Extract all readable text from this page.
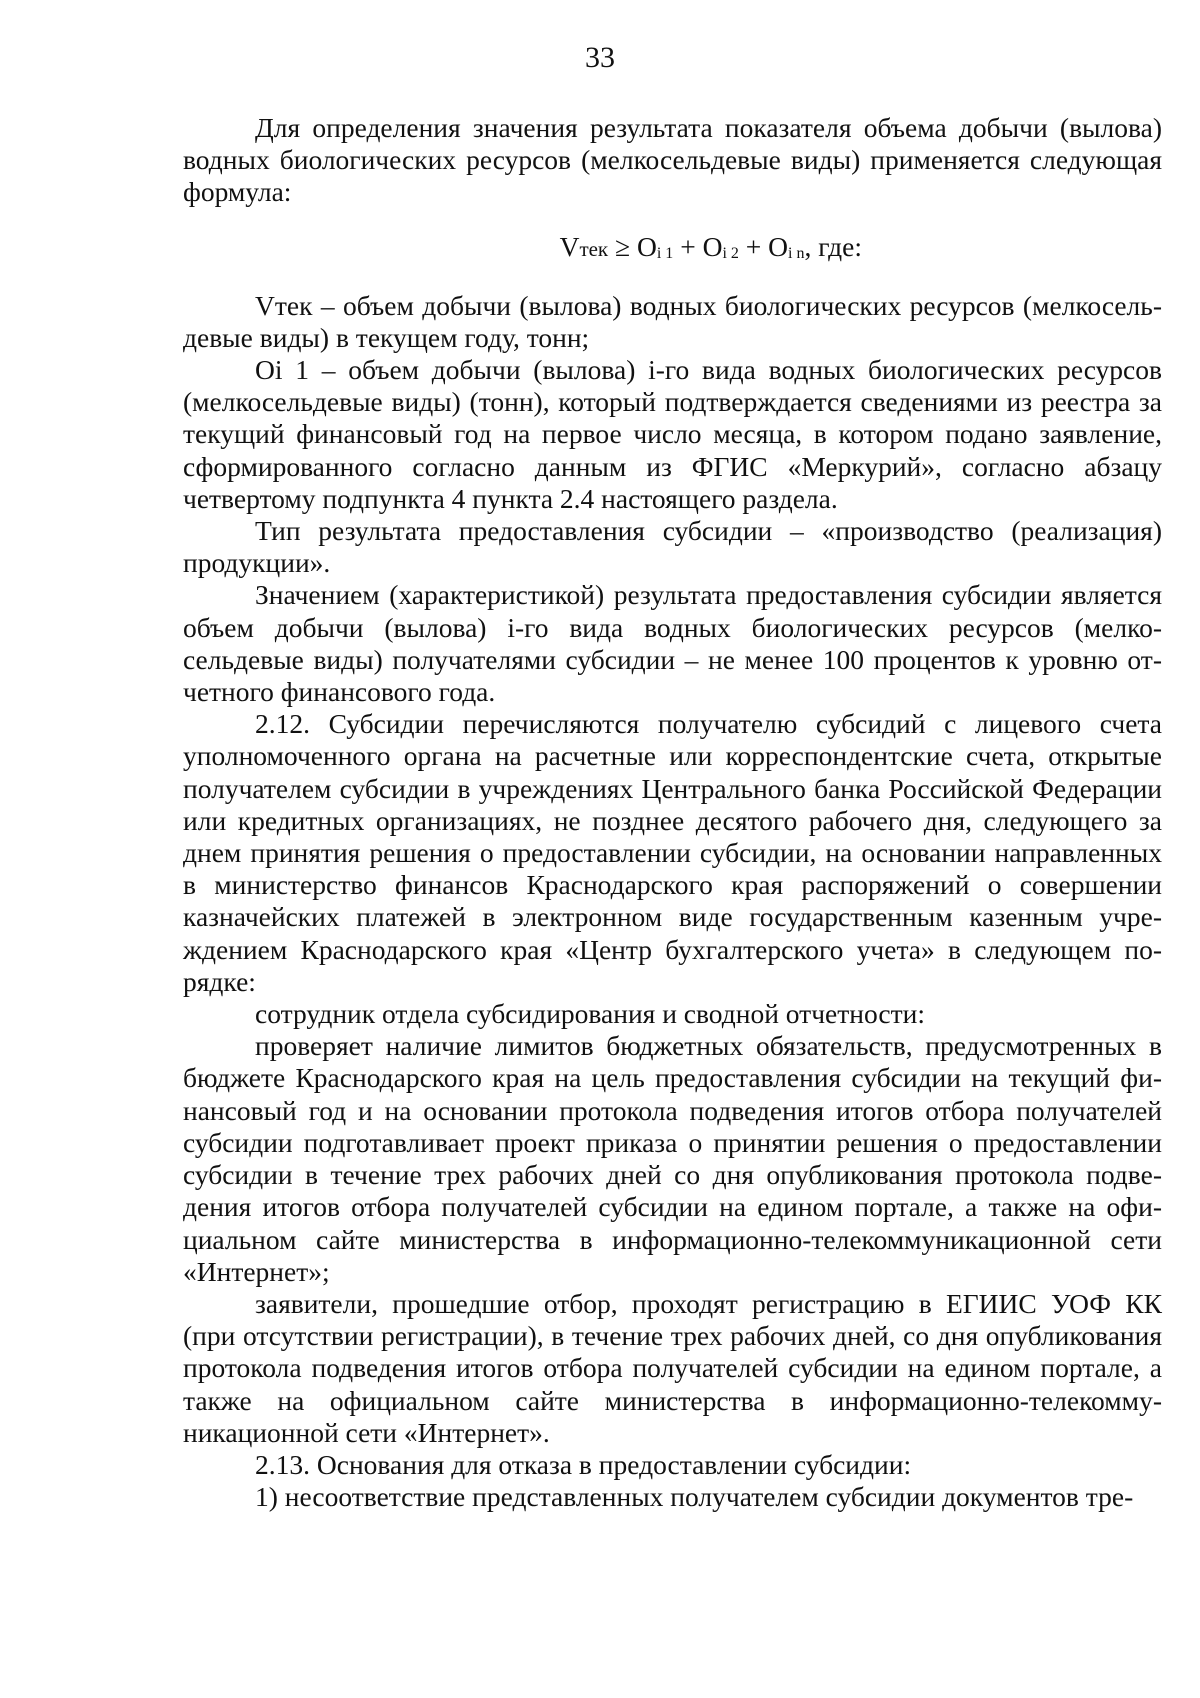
33

Для определения значения результата показателя объема добычи (вылова) водных биологических ресурсов (мелкосельдевые виды) применяется следующая формула:

Vтек ≥ $O_{i 1} + O_{i 2} + O_{i n}$, где:

Vтек – объем добычи (вылова) водных биологических ресурсов (мелкосельдевые виды) в текущем году, тонн;

Oi 1 – объем добычи (вылова) i-го вида водных биологических ресурсов (мелкосельдевые виды) (тонн), который подтверждается сведениями из реестра за текущий финансовый год на первое число месяца, в котором подано заявление, сформированного согласно данным из ФГИС «Меркурий», согласно абзацу четвертому подпункта 4 пункта 2.4 настоящего раздела.

Тип результата предоставления субсидии – «производство (реализация) продукции».

Значением (характеристикой) результата предоставления субсидии является объем добычи (вылова) i-го вида водных биологических ресурсов (мелкосельдевые виды) получателями субсидии – не менее 100 процентов к уровню отчетного финансового года.

2.12. Субсидии перечисляются получателю субсидий с лицевого счета уполномоченного органа на расчетные или корреспондентские счета, открытые получателем субсидии в учреждениях Центрального банка Российской Федерации или кредитных организациях, не позднее десятого рабочего дня, следующего за днем принятия решения о предоставлении субсидии, на основании направленных в министерство финансов Краснодарского края распоряжений о совершении казначейских платежей в электронном виде государственным казенным учреждением Краснодарского края «Центр бухгалтерского учета» в следующем порядке:

сотрудник отдела субсидирования и сводной отчетности:

проверяет наличие лимитов бюджетных обязательств, предусмотренных в бюджете Краснодарского края на цель предоставления субсидии на текущий финансовый год и на основании протокола подведения итогов отбора получателей субсидии подготавливает проект приказа о принятии решения о предоставлении субсидии в течение трех рабочих дней со дня опубликования протокола подведения итогов отбора получателей субсидии на едином портале, а также на официальном сайте министерства в информационно-телекоммуникационной сети «Интернет»;

заявители, прошедшие отбор, проходят регистрацию в ЕГИИС УОФ КК (при отсутствии регистрации), в течение трех рабочих дней, со дня опубликования протокола подведения итогов отбора получателей субсидии на едином портале, а также на официальном сайте министерства в информационно-телекоммуникационной сети «Интернет».

2.13. Основания для отказа в предоставлении субсидии:

1) несоответствие представленных получателем субсидии документов тре-
